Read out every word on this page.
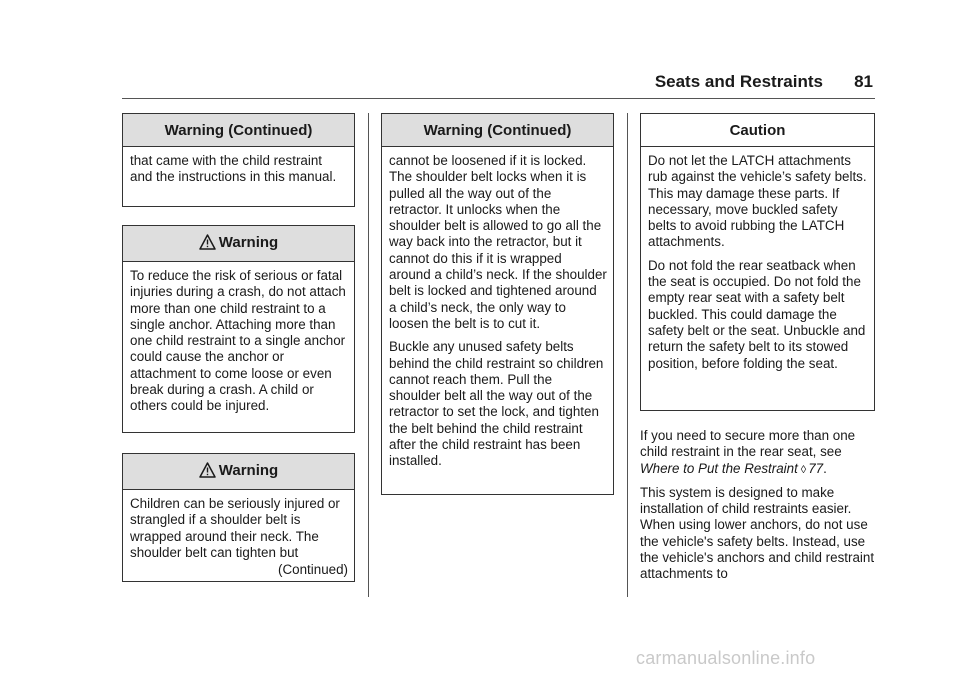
Seats and Restraints 81
Warning (Continued)

that came with the child restraint and the instructions in this manual.

Warning

To reduce the risk of serious or fatal injuries during a crash, do not attach more than one child restraint to a single anchor. Attaching more than one child restraint to a single anchor could cause the anchor or attachment to come loose or even break during a crash. A child or others could be injured.

Warning

Children can be seriously injured or strangled if a shoulder belt is wrapped around their neck. The shoulder belt can tighten but

(Continued)
Warning (Continued)

cannot be loosened if it is locked. The shoulder belt locks when it is pulled all the way out of the retractor. It unlocks when the shoulder belt is allowed to go all the way back into the retractor, but it cannot do this if it is wrapped around a child’s neck. If the shoulder belt is locked and tightened around a child’s neck, the only way to loosen the belt is to cut it.

Buckle any unused safety belts behind the child restraint so children cannot reach them. Pull the shoulder belt all the way out of the retractor to set the lock, and tighten the belt behind the child restraint after the child restraint has been installed.

Caution

Do not let the LATCH attachments rub against the vehicle’s safety belts. This may damage these parts. If necessary, move buckled safety belts to avoid rubbing the LATCH attachments.

Do not fold the rear seatback when the seat is occupied. Do not fold the empty rear seat with a safety belt buckled. This could damage the safety belt or the seat. Unbuckle and return the safety belt to its stowed position, before folding the seat.

If you need to secure more than one child restraint in the rear seat, see Where to Put the Restraint ◊ 77.

This system is designed to make installation of child restraints easier. When using lower anchors, do not use the vehicle's safety belts. Instead, use the vehicle's anchors and child restraint attachments to

carmanualsonline.info
